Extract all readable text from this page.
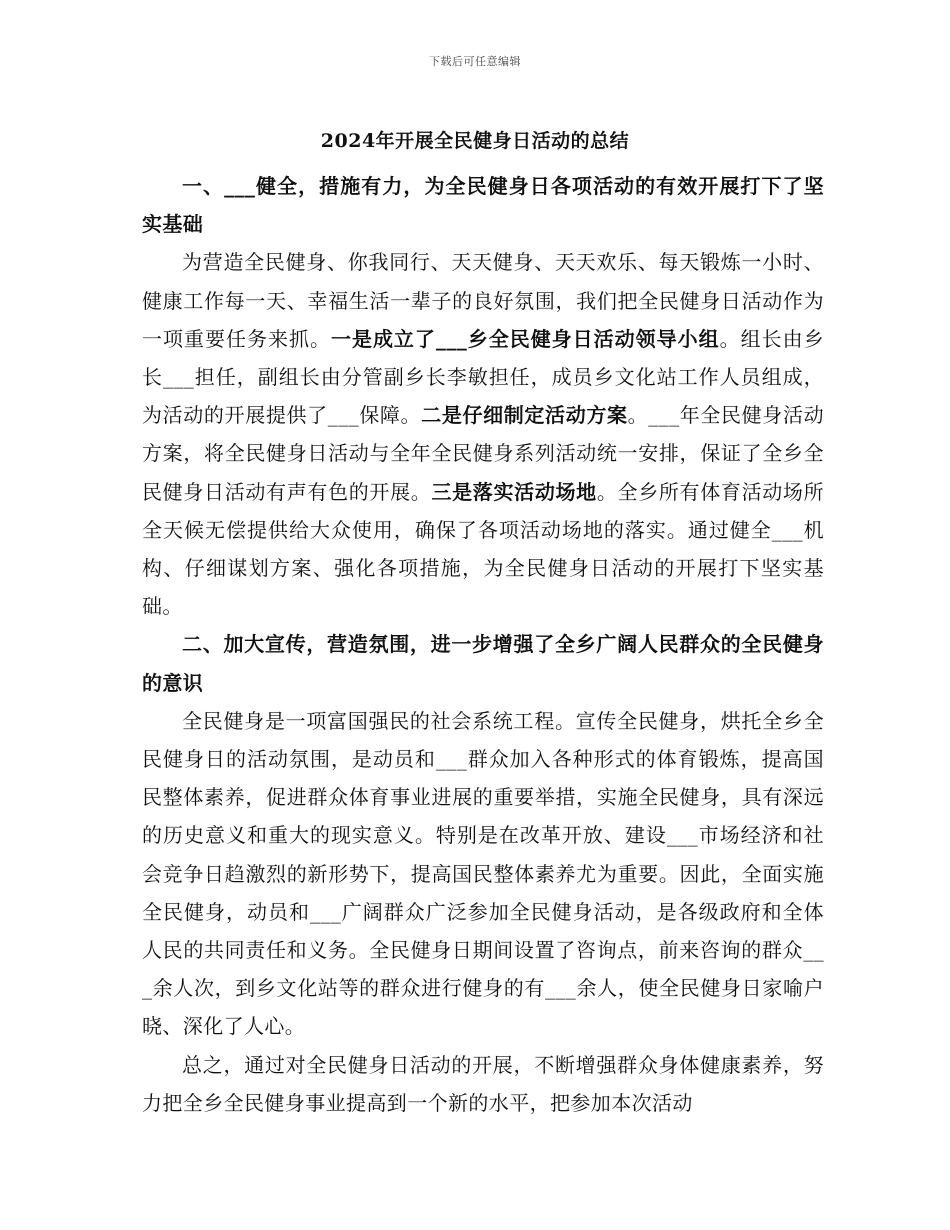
下载后可任意编辑
2024年开展全民健身日活动的总结

一、___健全，措施有力，为全民健身日各项活动的有效开展打下了坚实基础

为营造全民健身、你我同行、天天健身、天天欢乐、每天锻炼一小时、健康工作每一天、幸福生活一辈子的良好氛围，我们把全民健身日活动作为一项重要任务来抓。一是成立了___乡全民健身日活动领导小组。组长由乡长___担任，副组长由分管副乡长李敏担任，成员乡文化站工作人员组成，为活动的开展提供了___保障。二是仔细制定活动方案。___年全民健身活动方案，将全民健身日活动与全年全民健身系列活动统一安排，保证了全乡全民健身日活动有声有色的开展。三是落实活动场地。全乡所有体育活动场所全天候无偿提供给大众使用，确保了各项活动场地的落实。通过健全___机构、仔细谋划方案、强化各项措施，为全民健身日活动的开展打下坚实基础。

二、加大宣传，营造氛围，进一步增强了全乡广阔人民群众的全民健身的意识

全民健身是一项富国强民的社会系统工程。宣传全民健身，烘托全乡全民健身日的活动氛围，是动员和___群众加入各种形式的体育锻炼，提高国民整体素养，促进群众体育事业进展的重要举措，实施全民健身，具有深远的历史意义和重大的现实意义。特别是在改革开放、建设___市场经济和社会竞争日趋激烈的新形势下，提高国民整体素养尤为重要。因此，全面实施全民健身，动员和___广阔群众广泛参加全民健身活动，是各级政府和全体人民的共同责任和义务。全民健身日期间设置了咨询点，前来咨询的群众___余人次，到乡文化站等的群众进行健身的有___余人，使全民健身日家喻户晓、深化了人心。

总之，通过对全民健身日活动的开展，不断增强群众身体健康素养，努力把全乡全民健身事业提高到一个新的水平，把参加本次活动
